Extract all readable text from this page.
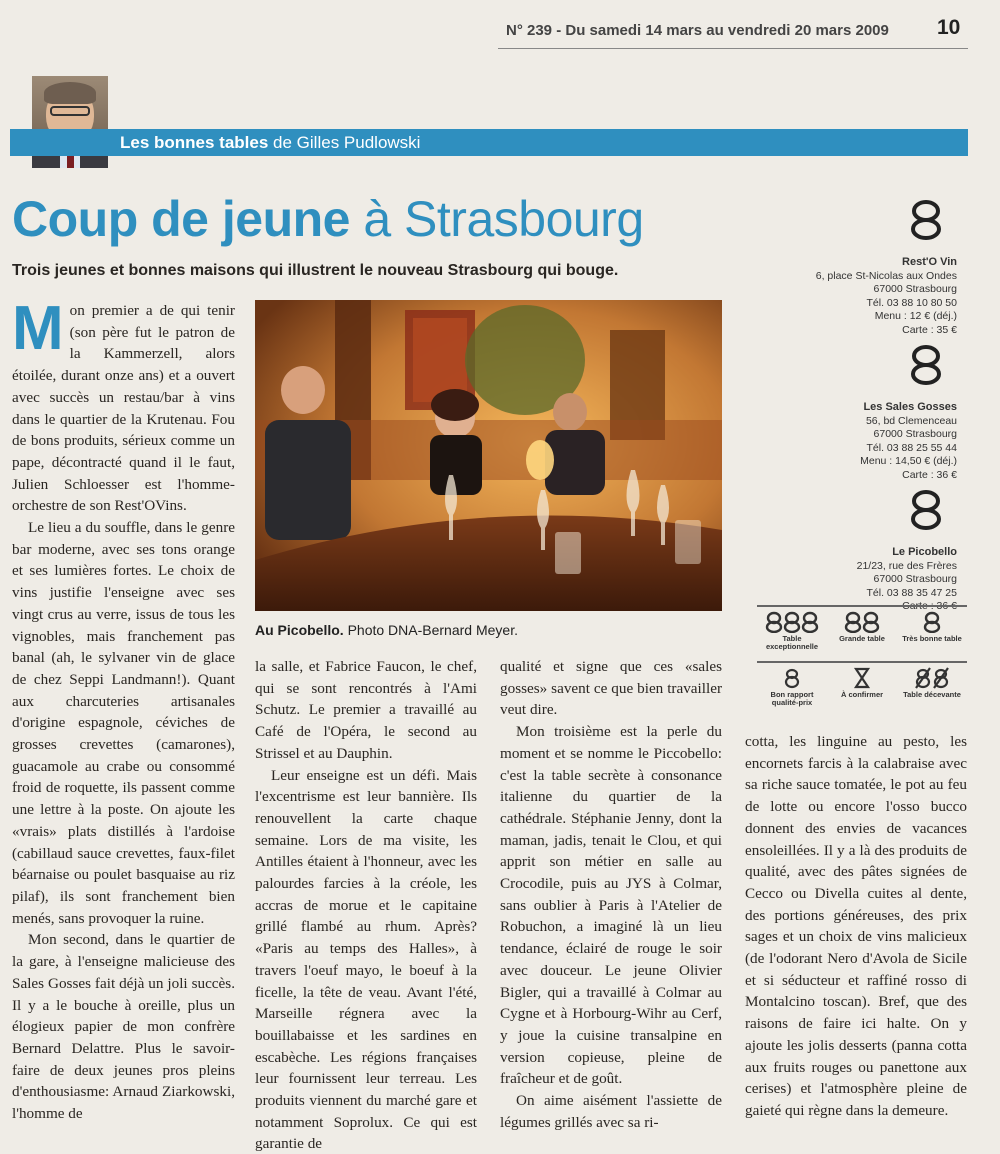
N° 239 - Du samedi 14 mars au vendredi 20 mars 2009 10
Les bonnes tables de Gilles Pudlowski
Coup de jeune à Strasbourg
Trois jeunes et bonnes maisons qui illustrent le nouveau Strasbourg qui bouge.
Au Picobello. Photo DNA-Bernard Meyer.

Mon premier a de qui tenir (son père fut le patron de la Kammerzell, alors étoilée, durant onze ans) et a ouvert avec succès un restau/bar à vins dans le quartier de la Krutenau. Fou de bons produits, sérieux comme un pape, décontracté quand il le faut, Julien Schloesser est l'homme-orchestre de son Rest'OVins.

Le lieu a du souffle, dans le genre bar moderne, avec ses tons orange et ses lumières fortes. Le choix de vins justifie l'enseigne avec ses vingt crus au verre, issus de tous les vignobles, mais franchement pas banal (ah, le sylvaner vin de glace de chez Seppi Landmann!). Quant aux charcuteries artisanales d'origine espagnole, céviches de grosses crevettes (camarones), guacamole au crabe ou consommé froid de roquette, ils passent comme une lettre à la poste. On ajoute les «vrais» plats distillés à l'ardoise (cabillaud sauce crevettes, faux-filet béarnaise ou poulet basquaise au riz pilaf), ils sont franchement bien menés, sans provoquer la ruine.

Mon second, dans le quartier de la gare, à l'enseigne malicieuse des Sales Gosses fait déjà un joli succès. Il y a le bouche à oreille, plus un élogieux papier de mon confrère Bernard Delattre. Plus le savoir-faire de deux jeunes pros pleins d'enthousiasme: Arnaud Ziarkowski, l'homme de

la salle, et Fabrice Faucon, le chef, qui se sont rencontrés à l'Ami Schutz. Le premier a travaillé au Café de l'Opéra, le second au Strissel et au Dauphin.

Leur enseigne est un défi. Mais l'excentrisme est leur bannière. Ils renouvellent la carte chaque semaine. Lors de ma visite, les Antilles étaient à l'honneur, avec les palourdes farcies à la créole, les accras de morue et le capitaine grillé flambé au rhum. Après? «Paris au temps des Halles», à travers l'oeuf mayo, le boeuf à la ficelle, la tête de veau. Avant l'été, Marseille régnera avec la bouillabaisse et les sardines en escabèche. Les régions françaises leur fournissent leur terreau. Les produits viennent du marché gare et notamment Soprolux. Ce qui est garantie de

qualité et signe que ces «sales gosses» savent ce que bien travailler veut dire.

Mon troisième est la perle du moment et se nomme le Piccobello: c'est la table secrète à consonance italienne du quartier de la cathédrale. Stéphanie Jenny, dont la maman, jadis, tenait le Clou, et qui apprit son métier en salle au Crocodile, puis au JYS à Colmar, sans oublier à Paris à l'Atelier de Robuchon, a imaginé là un lieu tendance, éclairé de rouge le soir avec douceur. Le jeune Olivier Bigler, qui a travaillé à Colmar au Cygne et à Horbourg-Wihr au Cerf, y joue la cuisine transalpine en version copieuse, pleine de fraîcheur et de goût.

On aime aisément l'assiette de légumes grillés avec sa ri-

cotta, les linguine au pesto, les encornets farcis à la calabraise avec sa riche sauce tomatée, le pot au feu de lotte ou encore l'osso bucco donnent des envies de vacances ensoleillées. Il y a là des produits de qualité, avec des pâtes signées de Cecco ou Divella cuites al dente, des portions généreuses, des prix sages et un choix de vins malicieux (de l'odorant Nero d'Avola de Sicile et si séducteur et raffiné rosso di Montalcino toscan). Bref, que des raisons de faire ici halte. On y ajoute les jolis desserts (panna cotta aux fruits rouges ou panettone aux cerises) et l'atmosphère pleine de gaieté qui règne dans la demeure.

Rest'O Vin
6, place St-Nicolas aux Ondes
67000 Strasbourg
Tél. 03 88 10 80 50
Menu : 12 € (déj.)
Carte : 35 €
Les Sales Gosses
56, bd Clemenceau
67000 Strasbourg
Tél. 03 88 25 55 44
Menu : 14,50 € (déj.)
Carte : 36 €
Le Picobello
21/23, rue des Frères
67000 Strasbourg
Tél. 03 88 35 47 25
Table exceptionnelle
Grande table	Très bonne table
Bon rapport qualité-prix
À confirmer	Table décevante
